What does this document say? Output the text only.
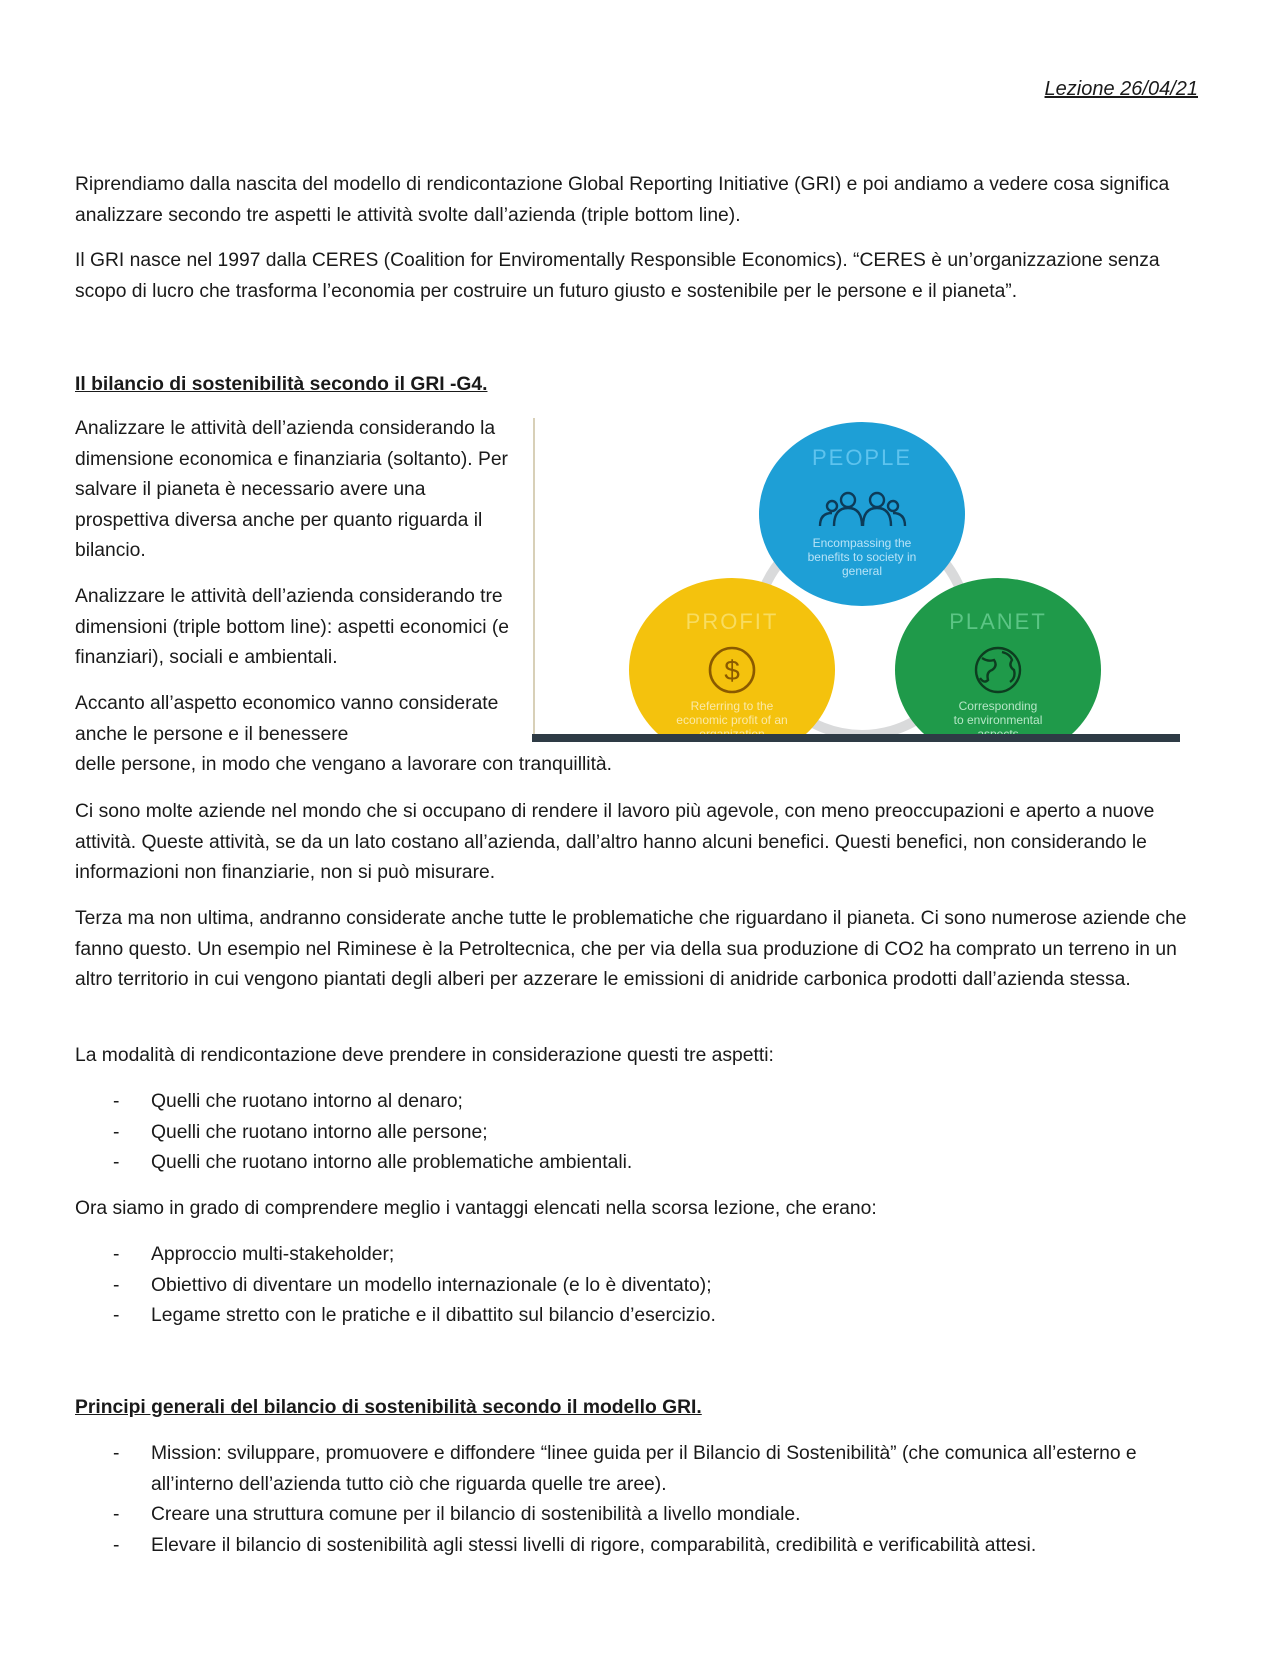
Lezione 26/04/21

Riprendiamo dalla nascita del modello di rendicontazione Global Reporting Initiative (GRI) e poi andiamo a vedere cosa significa analizzare secondo tre aspetti le attività svolte dall’azienda (triple bottom line).

Il GRI nasce nel 1997 dalla CERES (Coalition for Enviromentally Responsible Economics). “CERES è un’organizzazione senza scopo di lucro che trasforma l’economia per costruire un futuro giusto e sostenibile per le persone e il pianeta”.

Il bilancio di sostenibilità secondo il GRI -G4.

Analizzare le attività dell’azienda considerando la dimensione economica e finanziaria (soltanto). Per salvare il pianeta è necessario avere una prospettiva diversa anche per quanto riguarda il bilancio.

Analizzare le attività dell’azienda considerando tre dimensioni (triple bottom line): aspetti economici (e finanziari), sociali e ambientali.

Accanto all’aspetto economico vanno considerate anche le persone e il benessere

delle persone, in modo che vengano a lavorare con tranquillità.

PEOPLE
Encompassing the
benefits to society in
general
PROFIT
$
Referring to the
economic profit of an
PLANET
Corresponding
to environmental

Ci sono molte aziende nel mondo che si occupano di rendere il lavoro più agevole, con meno preoccupazioni e aperto a nuove attività. Queste attività, se da un lato costano all’azienda, dall’altro hanno alcuni benefici. Questi benefici, non considerando le informazioni non finanziarie, non si può misurare.

Terza ma non ultima, andranno considerate anche tutte le problematiche che riguardano il pianeta. Ci sono numerose aziende che fanno questo. Un esempio nel Riminese è la Petroltecnica, che per via della sua produzione di CO2 ha comprato un terreno in un altro territorio in cui vengono piantati degli alberi per azzerare le emissioni di anidride carbonica prodotti dall’azienda stessa.

La modalità di rendicontazione deve prendere in considerazione questi tre aspetti:

- Quelli che ruotano intorno al denaro;
- Quelli che ruotano intorno alle persone;
- Quelli che ruotano intorno alle problematiche ambientali.

Ora siamo in grado di comprendere meglio i vantaggi elencati nella scorsa lezione, che erano:

- Approccio multi-stakeholder;
- Obiettivo di diventare un modello internazionale (e lo è diventato);
- Legame stretto con le pratiche e il dibattito sul bilancio d’esercizio.

Principi generali del bilancio di sostenibilità secondo il modello GRI.

- Mission: sviluppare, promuovere e diffondere “linee guida per il Bilancio di Sostenibilità” (che comunica all’esterno e all’interno dell’azienda tutto ciò che riguarda quelle tre aree).
- Creare una struttura comune per il bilancio di sostenibilità a livello mondiale.
- Elevare il bilancio di sostenibilità agli stessi livelli di rigore, comparabilità, credibilità e verificabilità attesi.
